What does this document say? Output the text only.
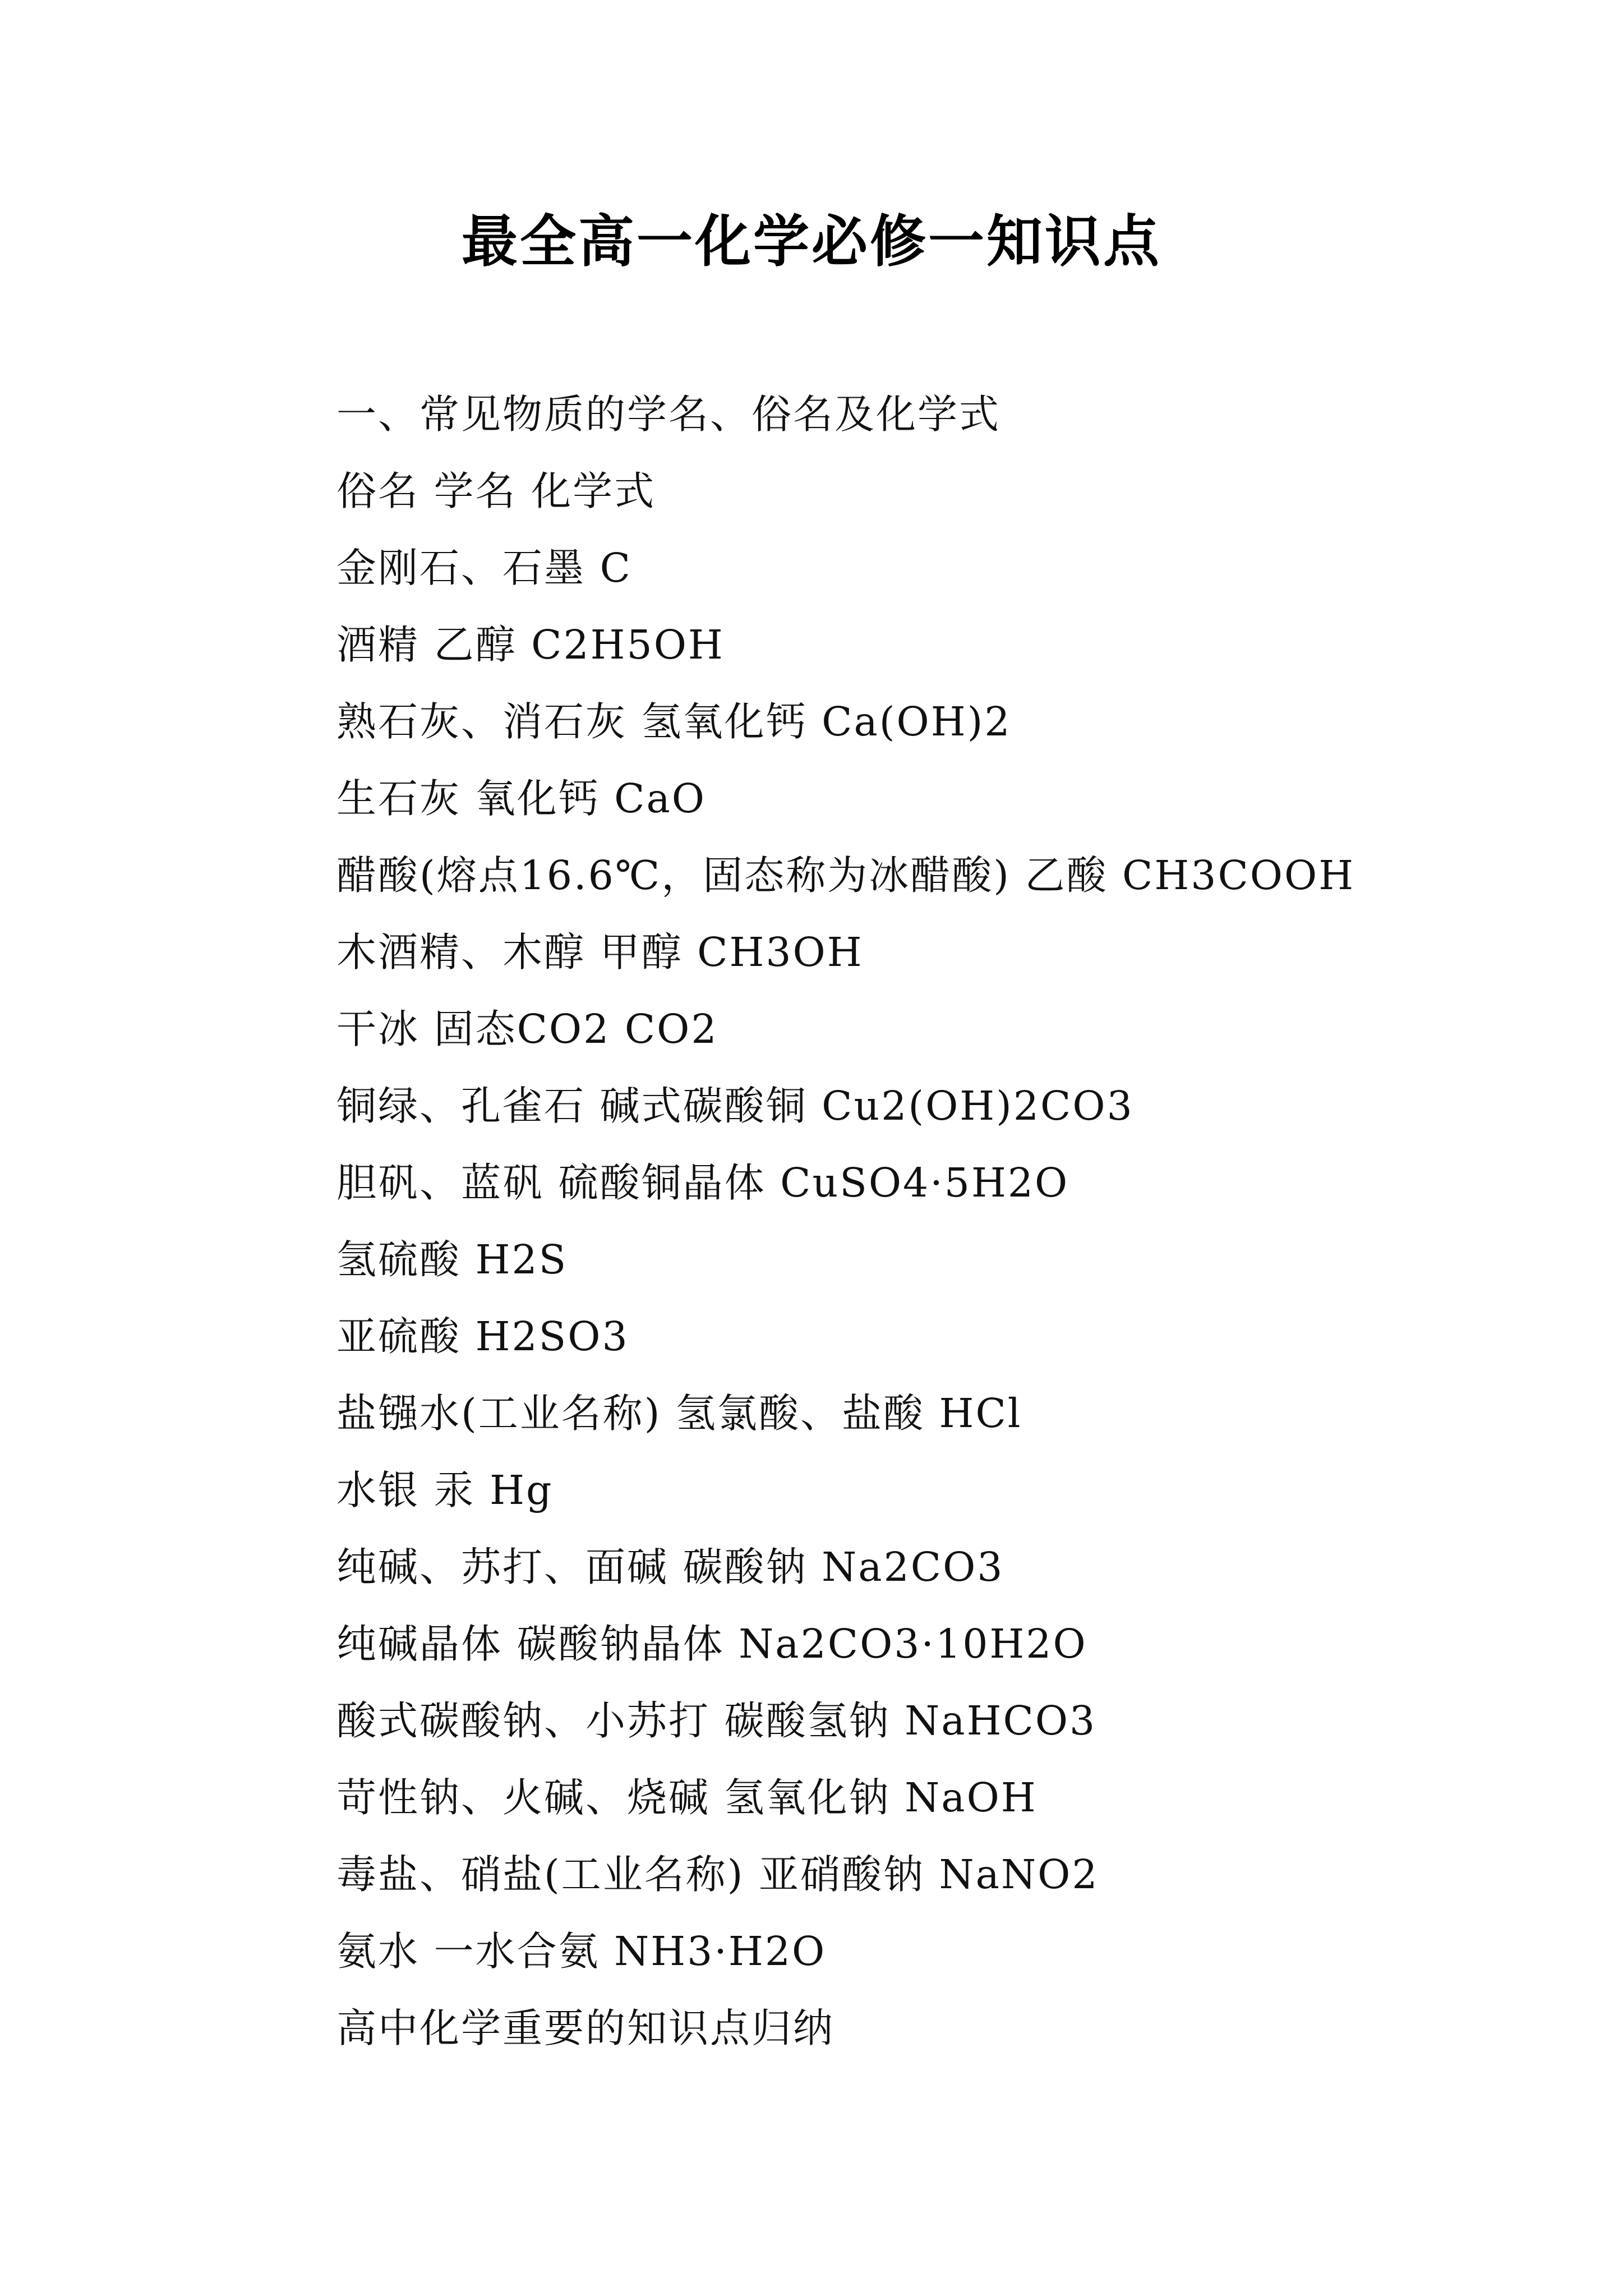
最全高一化学必修一知识点
一、常见物质的学名、俗名及化学式
俗名 学名 化学式
金刚石、石墨 C
酒精 乙醇 C2H5OH
熟石灰、消石灰 氢氧化钙 Ca(OH)2
生石灰 氧化钙 CaO
醋酸(熔点16.6℃，固态称为冰醋酸) 乙酸 CH3COOH
木酒精、木醇 甲醇 CH3OH
干冰 固态CO2 CO2
铜绿、孔雀石 碱式碳酸铜 Cu2(OH)2CO3
胆矾、蓝矾 硫酸铜晶体 CuSO4·5H2O
氢硫酸 H2S
亚硫酸 H2SO3
盐镪水(工业名称) 氢氯酸、盐酸 HCl
水银 汞 Hg
纯碱、苏打、面碱 碳酸钠 Na2CO3
纯碱晶体 碳酸钠晶体 Na2CO3·10H2O
酸式碳酸钠、小苏打 碳酸氢钠 NaHCO3
苛性钠、火碱、烧碱 氢氧化钠 NaOH
毒盐、硝盐(工业名称) 亚硝酸钠 NaNO2
氨水 一水合氨 NH3·H2O
高中化学重要的知识点归纳
